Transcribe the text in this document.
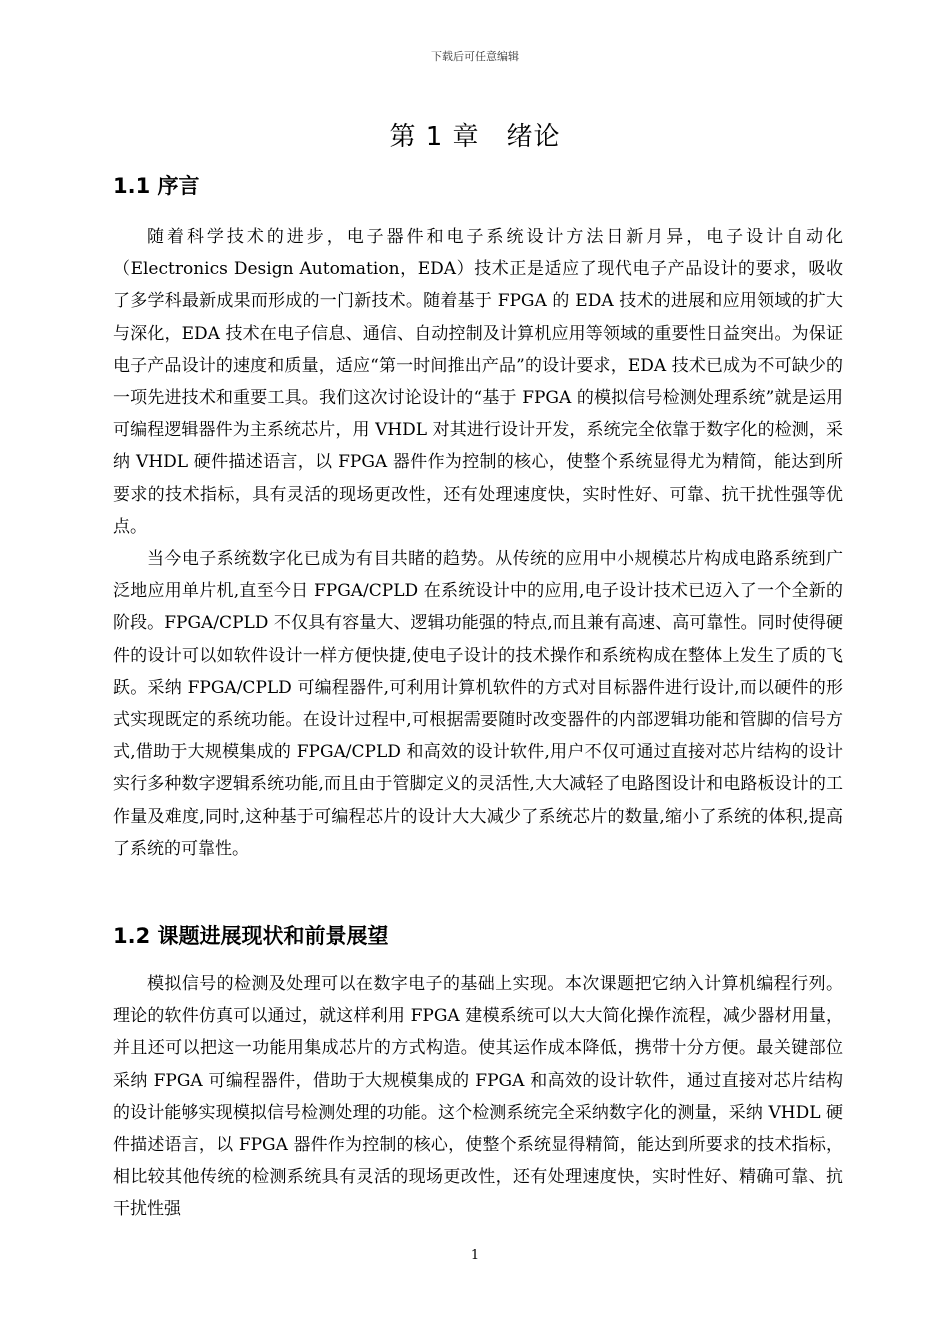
下载后可任意编辑
第 1 章　绪论
1.1 序言

随着科学技术的进步，电子器件和电子系统设计方法日新月异，电子设计自动化（Electronics Design Automation，EDA）技术正是适应了现代电子产品设计的要求，吸收了多学科最新成果而形成的一门新技术。随着基于 FPGA 的 EDA 技术的进展和应用领域的扩大与深化，EDA 技术在电子信息、通信、自动控制及计算机应用等领域的重要性日益突出。为保证电子产品设计的速度和质量，适应“第一时间推出产品”的设计要求，EDA 技术已成为不可缺少的一项先进技术和重要工具。我们这次讨论设计的“基于 FPGA 的模拟信号检测处理系统”就是运用可编程逻辑器件为主系统芯片，用 VHDL 对其进行设计开发，系统完全依靠于数字化的检测，采纳 VHDL 硬件描述语言，以 FPGA 器件作为控制的核心，使整个系统显得尤为精简，能达到所要求的技术指标，具有灵活的现场更改性，还有处理速度快，实时性好、可靠、抗干扰性强等优点。

当今电子系统数字化已成为有目共睹的趋势。从传统的应用中小规模芯片构成电路系统到广泛地应用单片机,直至今日 FPGA/CPLD 在系统设计中的应用,电子设计技术已迈入了一个全新的阶段。FPGA/CPLD 不仅具有容量大、逻辑功能强的特点,而且兼有高速、高可靠性。同时使得硬件的设计可以如软件设计一样方便快捷,使电子设计的技术操作和系统构成在整体上发生了质的飞跃。采纳 FPGA/CPLD 可编程器件,可利用计算机软件的方式对目标器件进行设计,而以硬件的形式实现既定的系统功能。在设计过程中,可根据需要随时改变器件的内部逻辑功能和管脚的信号方式,借助于大规模集成的 FPGA/CPLD 和高效的设计软件,用户不仅可通过直接对芯片结构的设计实行多种数字逻辑系统功能,而且由于管脚定义的灵活性,大大减轻了电路图设计和电路板设计的工作量及难度,同时,这种基于可编程芯片的设计大大减少了系统芯片的数量,缩小了系统的体积,提高了系统的可靠性。

1.2 课题进展现状和前景展望

模拟信号的检测及处理可以在数字电子的基础上实现。本次课题把它纳入计算机编程行列。理论的软件仿真可以通过，就这样利用 FPGA 建模系统可以大大简化操作流程，减少器材用量，并且还可以把这一功能用集成芯片的方式构造。使其运作成本降低，携带十分方便。最关键部位采纳 FPGA 可编程器件，借助于大规模集成的 FPGA 和高效的设计软件，通过直接对芯片结构的设计能够实现模拟信号检测处理的功能。这个检测系统完全采纳数字化的测量，采纳 VHDL 硬件描述语言，以 FPGA 器件作为控制的核心，使整个系统显得精简，能达到所要求的技术指标，相比较其他传统的检测系统具有灵活的现场更改性，还有处理速度快，实时性好、精确可靠、抗干扰性强

1
